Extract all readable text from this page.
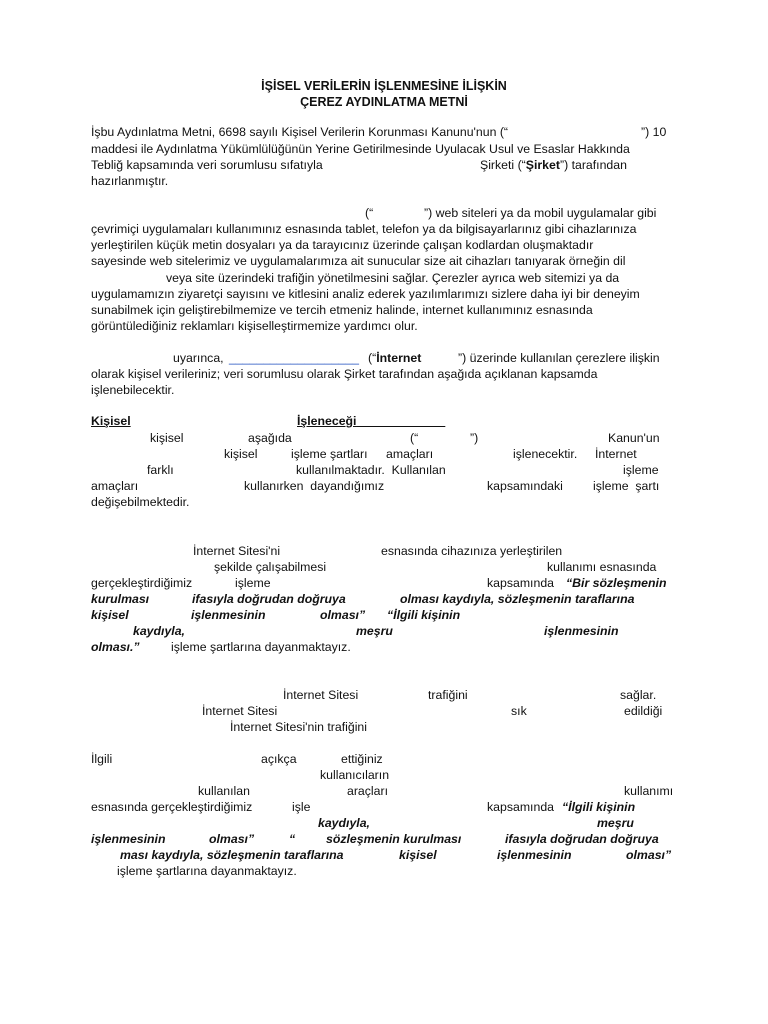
İŞİSEL VERİLERİN İŞLENMESİNE İLİŞKİN
ÇEREZ AYDINLATMA METNİ
İşbu Aydınlatma Metni, 6698 sayılı Kişisel Verilerin Korunması Kanunu'nun (“	”) 10
maddesi ile Aydınlatma Yükümlülüğünün Yerine Getirilmesinde Uyulacak Usul ve Esaslar Hakkında
Tebliğ kapsamında veri sorumlusu sıfatıyla	Şirketi (“Şirket”) tarafından
hazırlanmıştır.
(“	”) web siteleri ya da mobil uygulamalar gibi
çevrimiçi uygulamaları kullanımınız esnasında tablet, telefon ya da bilgisayarlarınız gibi cihazlarınıza
yerleştirilen küçük metin dosyaları ya da tarayıcınız üzerinde çalışan kodlardan oluşmaktadır
sayesinde web sitelerimiz ve uygulamalarımıza ait sunucular size ait cihazları tanıyarak örneğin dil
veya site üzerindeki trafiğin yönetilmesini sağlar. Çerezler ayrıca web sitemizi ya da
uygulamamızın ziyaretçi sayısını ve kitlesini analiz ederek yazılımlarımızı sizlere daha iyi bir deneyim
sunabilmek için geliştirebilmemize ve tercih etmeniz halinde, internet kullanımınız esnasında
görüntülediğiniz reklamları kişiselleştirmemize yardımcı olur.
uyarınca, ___________________ (“İnternet	”) üzerinde kullanılan çerezlere ilişkin
olarak kişisel verileriniz; veri sorumlusu olarak Şirket tarafından aşağıda açıklanan kapsamda
işlenebilecektir.
Kişisel	İşleneceği
kişisel	aşağıda	(“	”)	Kanun'un
kişisel	işleme şartları amaçları	işlenecektir. İnternet
farklı	kullanılmaktadır.  Kullanılan	işleme
amaçları	kullanırken  dayandığımız	kapsamındaki işleme  şartı
değişebilmektedir.
İnternet Sitesi'ni	esnasında cihazınıza yerleştirilen
şekilde çalışabilmesi	kullanımı esnasında
gerçekleştirdiğimiz	işleme	kapsamında “Bir sözleşmenin
kurulması	ifasıyla doğrudan doğruya	olması kaydıyla, sözleşmenin taraflarına
kişisel	işlenmesinin	olması” “İlgili kişinin
kaydıyla,	meşru	işlenmesinin
olması.”	işleme şartlarına dayanmaktayız.
İnternet Sitesi	trafiğini	sağlar.
İnternet Sitesi	sık	edildiği
İnternet Sitesi'nin trafiğini
İlgili	açıkça	ettiğiniz
kullanıcıların
kullanılan	araçları	kullanımı
esnasında gerçekleştirdiğimiz	işle	kapsamında “İlgili kişinin
kaydıyla,	meşru
işlenmesinin	olması”	“	sözleşmenin kurulması	ifasıyla doğrudan doğruya
ması kaydıyla, sözleşmenin taraflarına	kişisel	işlenmesinin	olması”
işleme şartlarına dayanmaktayız.
